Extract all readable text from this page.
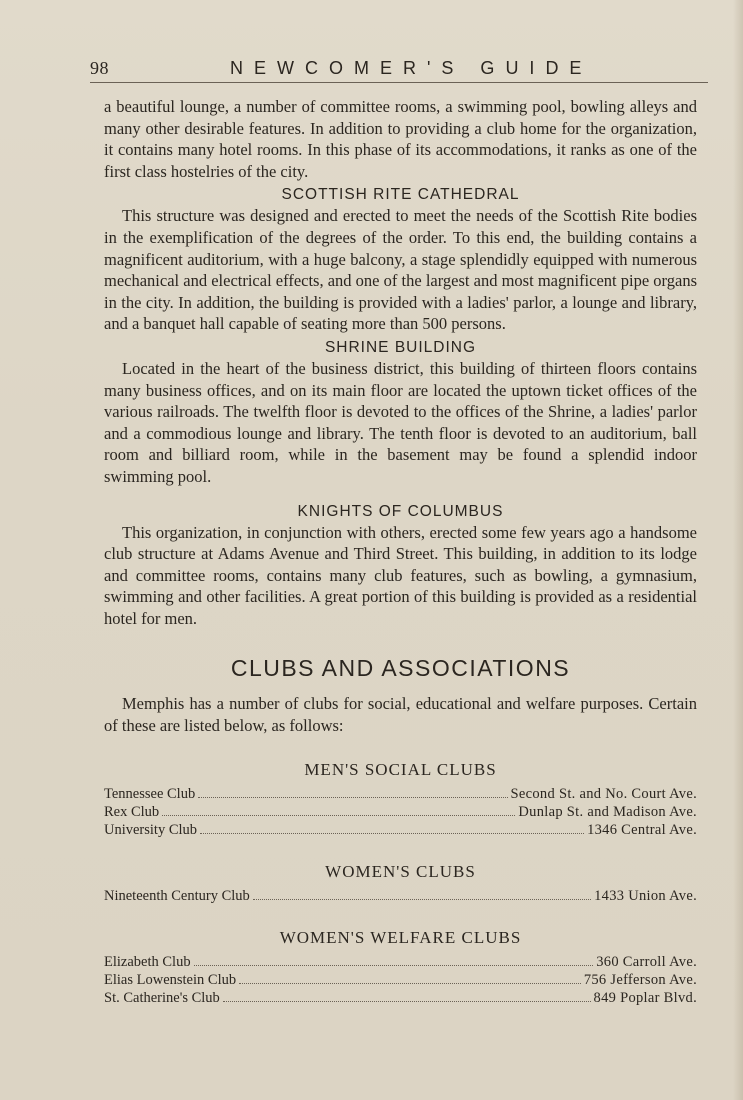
98	NEWCOMER'S GUIDE

a beautiful lounge, a number of committee rooms, a swimming pool, bowling alleys and many other desirable features. In addition to providing a club home for the organization, it contains many hotel rooms. In this phase of its accommodations, it ranks as one of the first class hostelries of the city.

SCOTTISH RITE CATHEDRAL

This structure was designed and erected to meet the needs of the Scottish Rite bodies in the exemplification of the degrees of the order. To this end, the building contains a magnificent auditorium, with a huge balcony, a stage splendidly equipped with numerous mechanical and electrical effects, and one of the largest and most magnificent pipe organs in the city. In addition, the building is provided with a ladies' parlor, a lounge and library, and a banquet hall capable of seating more than 500 persons.

SHRINE BUILDING

Located in the heart of the business district, this building of thirteen floors contains many business offices, and on its main floor are located the uptown ticket offices of the various railroads. The twelfth floor is devoted to the offices of the Shrine, a ladies' parlor and a commodious lounge and library. The tenth floor is devoted to an auditorium, ball room and billiard room, while in the basement may be found a splendid indoor swimming pool.

KNIGHTS OF COLUMBUS

This organization, in conjunction with others, erected some few years ago a handsome club structure at Adams Avenue and Third Street. This building, in addition to its lodge and committee rooms, contains many club features, such as bowling, a gymnasium, swimming and other facilities. A great portion of this building is provided as a residential hotel for men.

CLUBS AND ASSOCIATIONS

Memphis has a number of clubs for social, educational and welfare purposes. Certain of these are listed below, as follows:

MEN'S SOCIAL CLUBS
Tennessee Club	Second St. and No. Court Ave.
Rex Club	Dunlap St. and Madison Ave.
University Club	1346 Central Ave.
WOMEN'S CLUBS
Nineteenth Century Club	1433 Union Ave.
WOMEN'S WELFARE CLUBS
Elizabeth Club	360 Carroll Ave.
Elias Lowenstein Club	756 Jefferson Ave.
St. Catherine's Club	849 Poplar Blvd.
